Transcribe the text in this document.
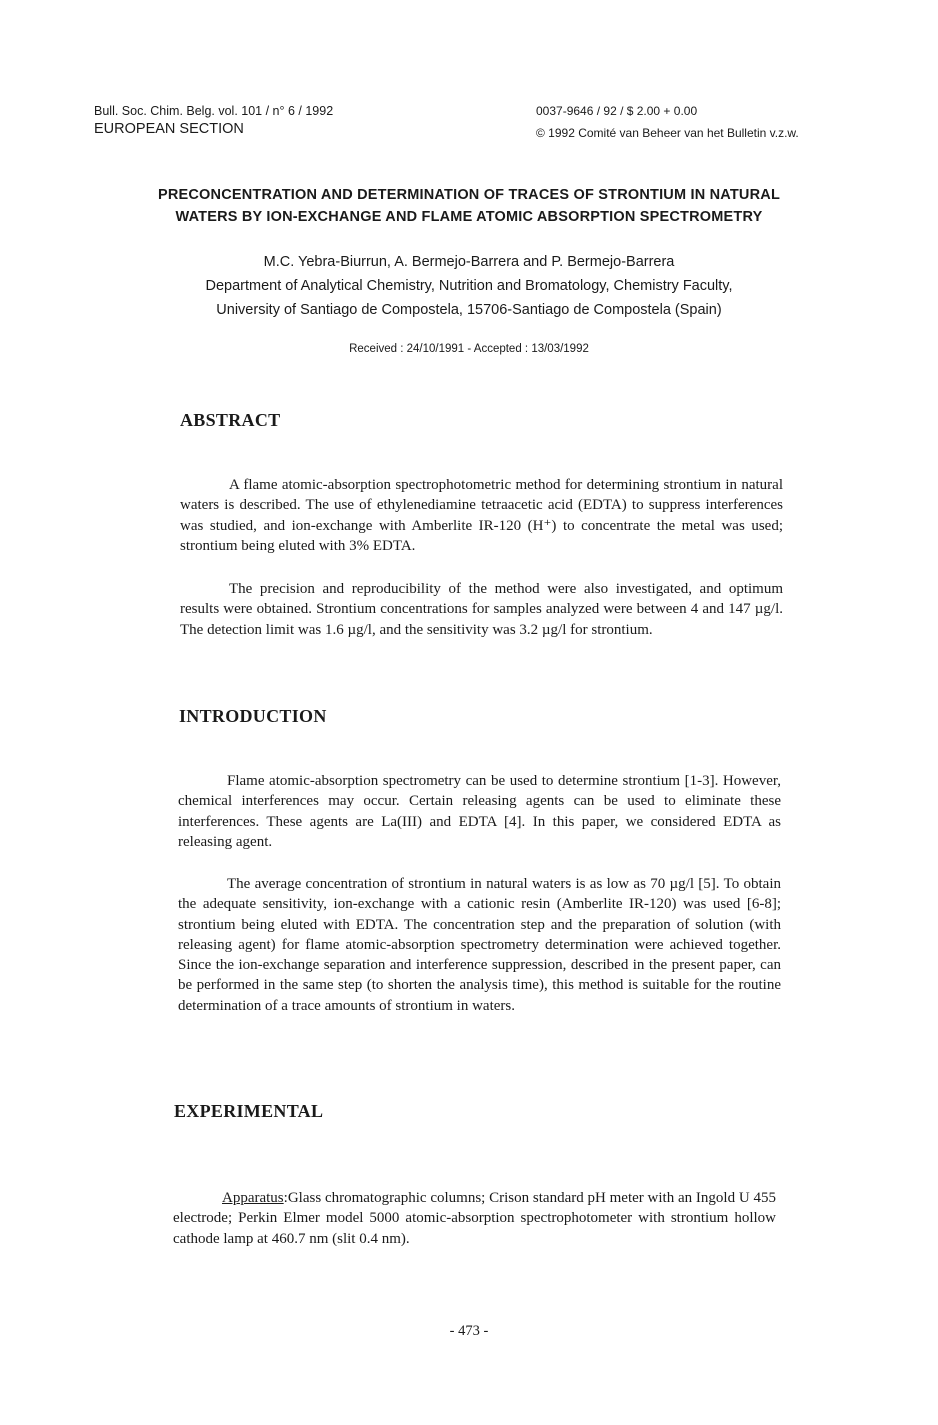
Bull. Soc. Chim. Belg. vol. 101 / n° 6 / 1992
EUROPEAN SECTION
0037-9646 / 92 / $ 2.00 + 0.00
© 1992 Comité van Beheer van het Bulletin v.z.w.
PRECONCENTRATION AND DETERMINATION OF TRACES OF STRONTIUM IN NATURAL
WATERS BY ION-EXCHANGE AND FLAME ATOMIC ABSORPTION SPECTROMETRY
M.C. Yebra-Biurrun, A. Bermejo-Barrera and P. Bermejo-Barrera
Department of Analytical Chemistry, Nutrition and Bromatology, Chemistry Faculty,
University of Santiago de Compostela, 15706-Santiago de Compostela (Spain)
Received : 24/10/1991 - Accepted : 13/03/1992
ABSTRACT

A flame atomic-absorption spectrophotometric method for determining strontium in natural waters is described. The use of ethylenediamine tetraacetic acid (EDTA) to suppress interferences was studied, and ion-exchange with Amberlite IR-120 (H⁺) to concentrate the metal was used; strontium being eluted with 3% EDTA.

The precision and reproducibility of the method were also investigated, and optimum results were obtained. Strontium concentrations for samples analyzed were between 4 and 147 µg/l. The detection limit was 1.6 µg/l, and the sensitivity was 3.2 µg/l for strontium.

INTRODUCTION

Flame atomic-absorption spectrometry can be used to determine strontium [1-3]. However, chemical interferences may occur. Certain releasing agents can be used to eliminate these interferences. These agents are La(III) and EDTA [4]. In this paper, we considered EDTA as releasing agent.

The average concentration of strontium in natural waters is as low as 70 µg/l [5]. To obtain the adequate sensitivity, ion-exchange with a cationic resin (Amberlite IR-120) was used [6-8]; strontium being eluted with EDTA. The concentration step and the preparation of solution (with releasing agent) for flame atomic-absorption spectrometry determination were achieved together. Since the ion-exchange separation and interference suppression, described in the present paper, can be performed in the same step (to shorten the analysis time), this method is suitable for the routine determination of a trace amounts of strontium in waters.

EXPERIMENTAL

Apparatus:Glass chromatographic columns; Crison standard pH meter with an Ingold U 455 electrode; Perkin Elmer model 5000 atomic-absorption spectrophotometer with strontium hollow cathode lamp at 460.7 nm (slit 0.4 nm).

- 473 -
